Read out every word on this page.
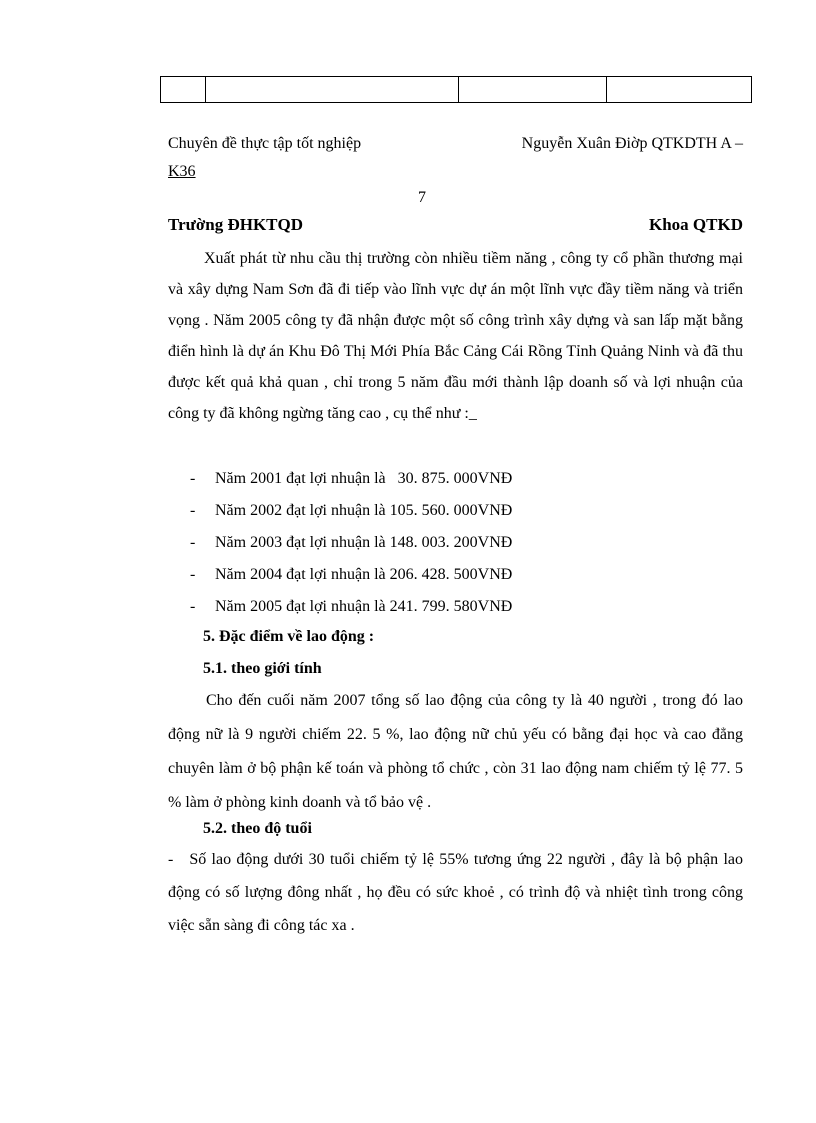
Chuyên đề thực tập tốt nghiệp	Nguyễn Xuân Điờp QTKDTH A –
K36
7
Trường ĐHKTQD	Khoa QTKD
Xuất phát từ nhu cầu thị trường còn nhiều tiềm năng , công ty cổ phần thương mại và xây dựng Nam Sơn đã đi tiếp vào lĩnh vực dự án một lĩnh vực đầy tiềm năng và triển vọng . Năm 2005 công ty đã nhận được một số công trình xây dựng và san lấp mặt bằng điển hình là dự án Khu Đô Thị Mới Phía Bắc Cảng Cái Rồng Tỉnh Quảng Ninh và đã thu được kết quả khả quan , chỉ trong 5 năm đầu mới thành lập doanh số và lợi nhuận của công ty đã không ngừng tăng cao , cụ thể như :_
- Năm 2001 đạt lợi nhuận là   30. 875. 000VNĐ
- Năm 2002 đạt lợi nhuận là 105. 560. 000VNĐ
- Năm 2003 đạt lợi nhuận là 148. 003. 200VNĐ
- Năm 2004 đạt lợi nhuận là 206. 428. 500VNĐ
- Năm 2005 đạt lợi nhuận là 241. 799. 580VNĐ
5. Đặc điểm về lao động :
5.1. theo giới tính
Cho đến cuối năm 2007 tổng số lao động của công ty là 40 người , trong đó lao động nữ là 9 người chiếm 22. 5 %, lao động nữ chủ yếu có bằng đại học và cao đẳng chuyên làm ở bộ phận kế toán và phòng tổ chức , còn 31 lao động nam chiếm tỷ lệ 77. 5 % làm ở phòng kinh doanh và tổ bảo vệ .
5.2. theo độ tuổi
-   Số lao động dưới 30 tuổi chiếm tỷ lệ 55% tương ứng 22 người , đây là bộ phận lao động có số lượng đông nhất , họ đều có sức khoẻ , có trình độ và nhiệt tình trong công việc sẵn sàng đi công tác xa .
